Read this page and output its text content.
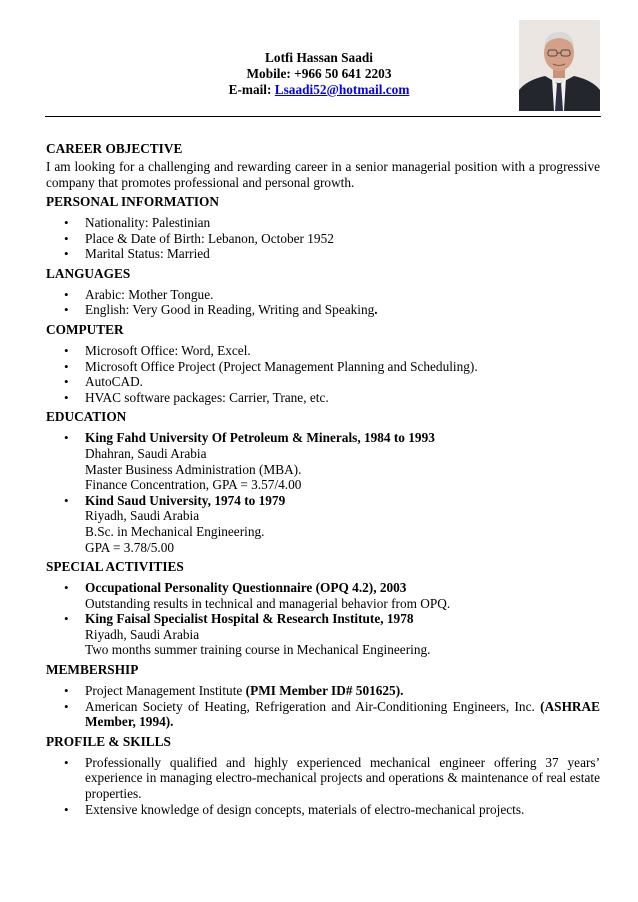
Lotfi Hassan Saadi
Mobile: +966 50 641 2203
E-mail: Lsaadi52@hotmail.com
CAREER OBJECTIVE

I am looking for a challenging and rewarding career in a senior managerial position with a progressive company that promotes professional and personal growth.

PERSONAL INFORMATION
• Nationality: Palestinian
• Place & Date of Birth: Lebanon, October 1952
• Marital Status: Married
LANGUAGES
• Arabic: Mother Tongue.
• English: Very Good in Reading, Writing and Speaking.
COMPUTER
• Microsoft Office: Word, Excel.
• Microsoft Office Project (Project Management Planning and Scheduling).
• AutoCAD.
• HVAC software packages: Carrier, Trane, etc.
EDUCATION
• King Fahd University Of Petroleum & Minerals, 1984 to 1993
Dhahran, Saudi Arabia
Master Business Administration (MBA).
Finance Concentration, GPA = 3.57/4.00
• Kind Saud University, 1974 to 1979
Riyadh, Saudi Arabia
B.Sc. in Mechanical Engineering.
GPA = 3.78/5.00
SPECIAL ACTIVITIES
• Occupational Personality Questionnaire (OPQ 4.2), 2003
Outstanding results in technical and managerial behavior from OPQ.
• King Faisal Specialist Hospital & Research Institute, 1978
Riyadh, Saudi Arabia
Two months summer training course in Mechanical Engineering.
MEMBERSHIP
• Project Management Institute (PMI Member ID# 501625).
• American Society of Heating, Refrigeration and Air-Conditioning Engineers, Inc. (ASHRAE Member, 1994).
PROFILE & SKILLS
• Professionally qualified and highly experienced mechanical engineer offering 37 years’ experience in managing electro-mechanical projects and operations & maintenance of real estate properties.
• Extensive knowledge of design concepts, materials of electro-mechanical projects.
